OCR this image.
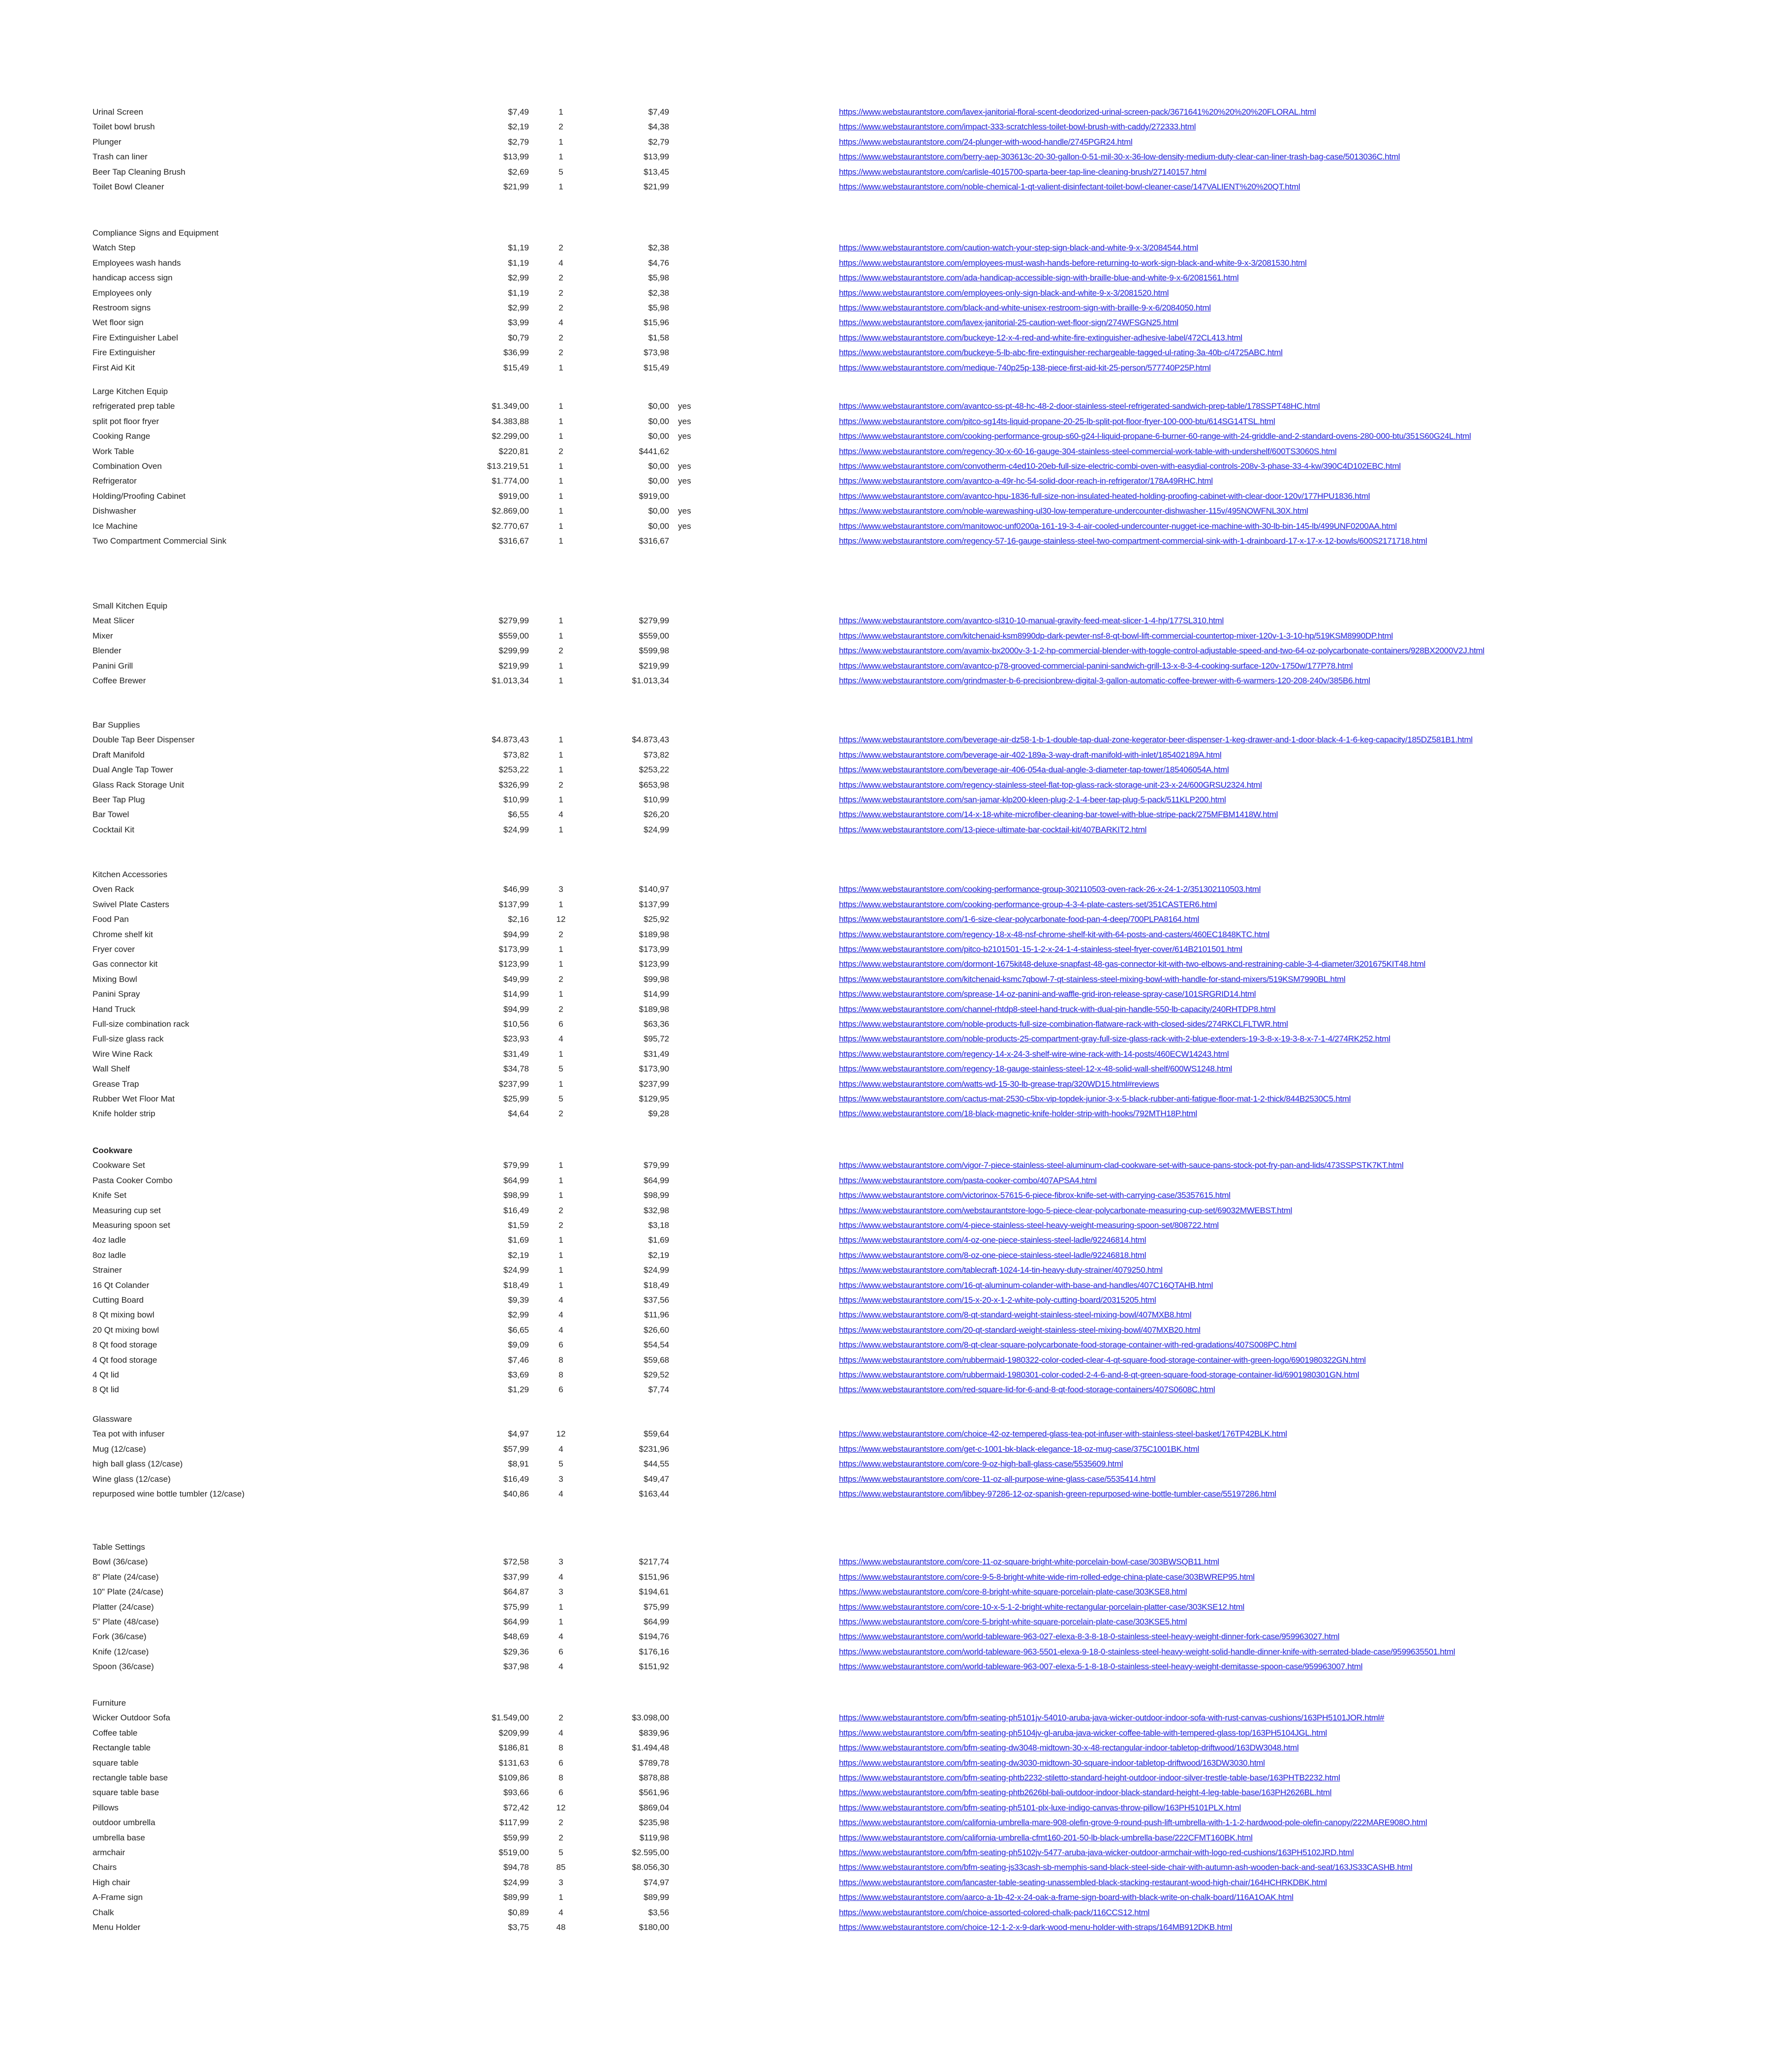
Urinal Screen	$7,49	1	$7,49	https://www.webstaurantstore.com/lavex-janitorial-floral-scent-deodorized-urinal-screen-pack/3671641%20%20%20%20FLORAL.html
Toilet bowl brush	$2,19	2	$4,38	https://www.webstaurantstore.com/impact-333-scratchless-toilet-bowl-brush-with-caddy/272333.html
Plunger	$2,79	1	$2,79	https://www.webstaurantstore.com/24-plunger-with-wood-handle/2745PGR24.html
Trash can liner	$13,99	1	$13,99	https://www.webstaurantstore.com/berry-aep-303613c-20-30-gallon-0-51-mil-30-x-36-low-density-medium-duty-clear-can-liner-trash-bag-case/5013036C.html
Beer Tap Cleaning Brush	$2,69	5	$13,45	https://www.webstaurantstore.com/carlisle-4015700-sparta-beer-tap-line-cleaning-brush/27140157.html
Toilet Bowl Cleaner	$21,99	1	$21,99	https://www.webstaurantstore.com/noble-chemical-1-qt-valient-disinfectant-toilet-bowl-cleaner-case/147VALIENT%20%20QT.html
Compliance Signs and Equipment
Watch Step	$1,19	2	$2,38	https://www.webstaurantstore.com/caution-watch-your-step-sign-black-and-white-9-x-3/2084544.html
Employees wash hands	$1,19	4	$4,76	https://www.webstaurantstore.com/employees-must-wash-hands-before-returning-to-work-sign-black-and-white-9-x-3/2081530.html
handicap access sign	$2,99	2	$5,98	https://www.webstaurantstore.com/ada-handicap-accessible-sign-with-braille-blue-and-white-9-x-6/2081561.html
Employees only	$1,19	2	$2,38	https://www.webstaurantstore.com/employees-only-sign-black-and-white-9-x-3/2081520.html
Restroom signs	$2,99	2	$5,98	https://www.webstaurantstore.com/black-and-white-unisex-restroom-sign-with-braille-9-x-6/2084050.html
Wet floor sign	$3,99	4	$15,96	https://www.webstaurantstore.com/lavex-janitorial-25-caution-wet-floor-sign/274WFSGN25.html
Fire Extinguisher Label	$0,79	2	$1,58	https://www.webstaurantstore.com/buckeye-12-x-4-red-and-white-fire-extinguisher-adhesive-label/472CL413.html
Fire Extinguisher	$36,99	2	$73,98	https://www.webstaurantstore.com/buckeye-5-lb-abc-fire-extinguisher-rechargeable-tagged-ul-rating-3a-40b-c/4725ABC.html
First Aid Kit	$15,49	1	$15,49	https://www.webstaurantstore.com/medique-740p25p-138-piece-first-aid-kit-25-person/577740P25P.html
Large Kitchen Equip
refrigerated prep table	$1.349,00	1	$0,00 yes	https://www.webstaurantstore.com/avantco-ss-pt-48-hc-48-2-door-stainless-steel-refrigerated-sandwich-prep-table/178SSPT48HC.html
split pot floor fryer	$4.383,88	1	$0,00 yes	https://www.webstaurantstore.com/pitco-sg14ts-liquid-propane-20-25-lb-split-pot-floor-fryer-100-000-btu/614SG14TSL.html
Cooking Range	$2.299,00	1	$0,00 yes	https://www.webstaurantstore.com/cooking-performance-group-s60-g24-l-liquid-propane-6-burner-60-range-with-24-griddle-and-2-standard-ovens-280-000-btu/351S60G24L.html
Work Table	$220,81	2	$441,62	https://www.webstaurantstore.com/regency-30-x-60-16-gauge-304-stainless-steel-commercial-work-table-with-undershelf/600TS3060S.html
Combination Oven	$13.219,51	1	$0,00 yes	https://www.webstaurantstore.com/convotherm-c4ed10-20eb-full-size-electric-combi-oven-with-easydial-controls-208v-3-phase-33-4-kw/390C4D102EBC.html
Refrigerator	$1.774,00	1	$0,00 yes	https://www.webstaurantstore.com/avantco-a-49r-hc-54-solid-door-reach-in-refrigerator/178A49RHC.html
Holding/Proofing Cabinet	$919,00	1	$919,00	https://www.webstaurantstore.com/avantco-hpu-1836-full-size-non-insulated-heated-holding-proofing-cabinet-with-clear-door-120v/177HPU1836.html
Dishwasher	$2.869,00	1	$0,00 yes	https://www.webstaurantstore.com/noble-warewashing-ul30-low-temperature-undercounter-dishwasher-115v/495NOWFNL30X.html
Ice Machine	$2.770,67	1	$0,00 yes	https://www.webstaurantstore.com/manitowoc-unf0200a-161-19-3-4-air-cooled-undercounter-nugget-ice-machine-with-30-lb-bin-145-lb/499UNF0200AA.html
Two Compartment Commercial Sink	$316,67	1	$316,67	https://www.webstaurantstore.com/regency-57-16-gauge-stainless-steel-two-compartment-commercial-sink-with-1-drainboard-17-x-17-x-12-bowls/600S2171718.html
Small Kitchen Equip
Meat Slicer	$279,99	1	$279,99	https://www.webstaurantstore.com/avantco-sl310-10-manual-gravity-feed-meat-slicer-1-4-hp/177SL310.html
Mixer	$559,00	1	$559,00	https://www.webstaurantstore.com/kitchenaid-ksm8990dp-dark-pewter-nsf-8-qt-bowl-lift-commercial-countertop-mixer-120v-1-3-10-hp/519KSM8990DP.html
Blender	$299,99	2	$599,98	https://www.webstaurantstore.com/avamix-bx2000v-3-1-2-hp-commercial-blender-with-toggle-control-adjustable-speed-and-two-64-oz-polycarbonate-containers/928BX2000V2J.html
Panini Grill	$219,99	1	$219,99	https://www.webstaurantstore.com/avantco-p78-grooved-commercial-panini-sandwich-grill-13-x-8-3-4-cooking-surface-120v-1750w/177P78.html
Coffee Brewer	$1.013,34	1	$1.013,34	https://www.webstaurantstore.com/grindmaster-b-6-precisionbrew-digital-3-gallon-automatic-coffee-brewer-with-6-warmers-120-208-240v/385B6.html
Bar Supplies
Double Tap Beer Dispenser	$4.873,43	1	$4.873,43	https://www.webstaurantstore.com/beverage-air-dz58-1-b-1-double-tap-dual-zone-kegerator-beer-dispenser-1-keg-drawer-and-1-door-black-4-1-6-keg-capacity/185DZ581B1.html
Draft Manifold	$73,82	1	$73,82	https://www.webstaurantstore.com/beverage-air-402-189a-3-way-draft-manifold-with-inlet/185402189A.html
Dual Angle Tap Tower	$253,22	1	$253,22	https://www.webstaurantstore.com/beverage-air-406-054a-dual-angle-3-diameter-tap-tower/185406054A.html
Glass Rack Storage Unit	$326,99	2	$653,98	https://www.webstaurantstore.com/regency-stainless-steel-flat-top-glass-rack-storage-unit-23-x-24/600GRSU2324.html
Beer Tap Plug	$10,99	1	$10,99	https://www.webstaurantstore.com/san-jamar-klp200-kleen-plug-2-1-4-beer-tap-plug-5-pack/511KLP200.html
Bar Towel	$6,55	4	$26,20	https://www.webstaurantstore.com/14-x-18-white-microfiber-cleaning-bar-towel-with-blue-stripe-pack/275MFBM1418W.html
Cocktail Kit	$24,99	1	$24,99	https://www.webstaurantstore.com/13-piece-ultimate-bar-cocktail-kit/407BARKIT2.html
Kitchen Accessories
Oven Rack	$46,99	3	$140,97	https://www.webstaurantstore.com/cooking-performance-group-302110503-oven-rack-26-x-24-1-2/351302110503.html
Swivel Plate Casters	$137,99	1	$137,99	https://www.webstaurantstore.com/cooking-performance-group-4-3-4-plate-casters-set/351CASTER6.html
Food Pan	$2,16	12	$25,92	https://www.webstaurantstore.com/1-6-size-clear-polycarbonate-food-pan-4-deep/700PLPA8164.html
Chrome shelf kit	$94,99	2	$189,98	https://www.webstaurantstore.com/regency-18-x-48-nsf-chrome-shelf-kit-with-64-posts-and-casters/460EC1848KTC.html
Fryer cover	$173,99	1	$173,99	https://www.webstaurantstore.com/pitco-b2101501-15-1-2-x-24-1-4-stainless-steel-fryer-cover/614B2101501.html
Gas connector kit	$123,99	1	$123,99	https://www.webstaurantstore.com/dormont-1675kit48-deluxe-snapfast-48-gas-connector-kit-with-two-elbows-and-restraining-cable-3-4-diameter/3201675KIT48.html
Mixing Bowl	$49,99	2	$99,98	https://www.webstaurantstore.com/kitchenaid-ksmc7qbowl-7-qt-stainless-steel-mixing-bowl-with-handle-for-stand-mixers/519KSM7990BL.html
Panini Spray	$14,99	1	$14,99	https://www.webstaurantstore.com/sprease-14-oz-panini-and-waffle-grid-iron-release-spray-case/101SRGRID14.html
Hand Truck	$94,99	2	$189,98	https://www.webstaurantstore.com/channel-rhtdp8-steel-hand-truck-with-dual-pin-handle-550-lb-capacity/240RHTDP8.html
Full-size combination rack	$10,56	6	$63,36	https://www.webstaurantstore.com/noble-products-full-size-combination-flatware-rack-with-closed-sides/274RKCLFLTWR.html
Full-size glass rack	$23,93	4	$95,72	https://www.webstaurantstore.com/noble-products-25-compartment-gray-full-size-glass-rack-with-2-blue-extenders-19-3-8-x-19-3-8-x-7-1-4/274RK252.html
Wire Wine Rack	$31,49	1	$31,49	https://www.webstaurantstore.com/regency-14-x-24-3-shelf-wire-wine-rack-with-14-posts/460ECW14243.html
Wall Shelf	$34,78	5	$173,90	https://www.webstaurantstore.com/regency-18-gauge-stainless-steel-12-x-48-solid-wall-shelf/600WS1248.html
Grease Trap	$237,99	1	$237,99	https://www.webstaurantstore.com/watts-wd-15-30-lb-grease-trap/320WD15.html#reviews
Rubber Wet Floor Mat	$25,99	5	$129,95	https://www.webstaurantstore.com/cactus-mat-2530-c5bx-vip-topdek-junior-3-x-5-black-rubber-anti-fatigue-floor-mat-1-2-thick/844B2530C5.html
Knife holder strip	$4,64	2	$9,28	https://www.webstaurantstore.com/18-black-magnetic-knife-holder-strip-with-hooks/792MTH18P.html
Cookware
Cookware Set	$79,99	1	$79,99	https://www.webstaurantstore.com/vigor-7-piece-stainless-steel-aluminum-clad-cookware-set-with-sauce-pans-stock-pot-fry-pan-and-lids/473SSPSTK7KT.html
Pasta Cooker Combo	$64,99	1	$64,99	https://www.webstaurantstore.com/pasta-cooker-combo/407APSA4.html
Knife Set	$98,99	1	$98,99	https://www.webstaurantstore.com/victorinox-57615-6-piece-fibrox-knife-set-with-carrying-case/35357615.html
Measuring cup set	$16,49	2	$32,98	https://www.webstaurantstore.com/webstaurantstore-logo-5-piece-clear-polycarbonate-measuring-cup-set/69032MWEBST.html
Measuring spoon set	$1,59	2	$3,18	https://www.webstaurantstore.com/4-piece-stainless-steel-heavy-weight-measuring-spoon-set/808722.html
4oz ladle	$1,69	1	$1,69	https://www.webstaurantstore.com/4-oz-one-piece-stainless-steel-ladle/92246814.html
8oz ladle	$2,19	1	$2,19	https://www.webstaurantstore.com/8-oz-one-piece-stainless-steel-ladle/92246818.html
Strainer	$24,99	1	$24,99	https://www.webstaurantstore.com/tablecraft-1024-14-tin-heavy-duty-strainer/4079250.html
16 Qt Colander	$18,49	1	$18,49	https://www.webstaurantstore.com/16-qt-aluminum-colander-with-base-and-handles/407C16QTAHB.html
Cutting Board	$9,39	4	$37,56	https://www.webstaurantstore.com/15-x-20-x-1-2-white-poly-cutting-board/20315205.html
8 Qt mixing bowl	$2,99	4	$11,96	https://www.webstaurantstore.com/8-qt-standard-weight-stainless-steel-mixing-bowl/407MXB8.html
20 Qt mixing bowl	$6,65	4	$26,60	https://www.webstaurantstore.com/20-qt-standard-weight-stainless-steel-mixing-bowl/407MXB20.html
8 Qt food storage	$9,09	6	$54,54	https://www.webstaurantstore.com/8-qt-clear-square-polycarbonate-food-storage-container-with-red-gradations/407S008PC.html
4 Qt food storage	$7,46	8	$59,68	https://www.webstaurantstore.com/rubbermaid-1980322-color-coded-clear-4-qt-square-food-storage-container-with-green-logo/6901980322GN.html
4 Qt lid	$3,69	8	$29,52	https://www.webstaurantstore.com/rubbermaid-1980301-color-coded-2-4-6-and-8-qt-green-square-food-storage-container-lid/6901980301GN.html
8 Qt lid	$1,29	6	$7,74	https://www.webstaurantstore.com/red-square-lid-for-6-and-8-qt-food-storage-containers/407S0608C.html
Glassware
Tea pot with infuser	$4,97	12	$59,64	https://www.webstaurantstore.com/choice-42-oz-tempered-glass-tea-pot-infuser-with-stainless-steel-basket/176TP42BLK.html
Mug (12/case)	$57,99	4	$231,96	https://www.webstaurantstore.com/get-c-1001-bk-black-elegance-18-oz-mug-case/375C1001BK.html
high ball glass (12/case)	$8,91	5	$44,55	https://www.webstaurantstore.com/core-9-oz-high-ball-glass-case/5535609.html
Wine glass (12/case)	$16,49	3	$49,47	https://www.webstaurantstore.com/core-11-oz-all-purpose-wine-glass-case/5535414.html
repurposed wine bottle tumbler (12/case)	$40,86	4	$163,44	https://www.webstaurantstore.com/libbey-97286-12-oz-spanish-green-repurposed-wine-bottle-tumbler-case/55197286.html
Table Settings
Bowl (36/case)	$72,58	3	$217,74	https://www.webstaurantstore.com/core-11-oz-square-bright-white-porcelain-bowl-case/303BWSQB11.html
8" Plate (24/case)	$37,99	4	$151,96	https://www.webstaurantstore.com/core-9-5-8-bright-white-wide-rim-rolled-edge-china-plate-case/303BWREP95.html
10" Plate (24/case)	$64,87	3	$194,61	https://www.webstaurantstore.com/core-8-bright-white-square-porcelain-plate-case/303KSE8.html
Platter (24/case)	$75,99	1	$75,99	https://www.webstaurantstore.com/core-10-x-5-1-2-bright-white-rectangular-porcelain-platter-case/303KSE12.html
5" Plate (48/case)	$64,99	1	$64,99	https://www.webstaurantstore.com/core-5-bright-white-square-porcelain-plate-case/303KSE5.html
Fork (36/case)	$48,69	4	$194,76	https://www.webstaurantstore.com/world-tableware-963-027-elexa-8-3-8-18-0-stainless-steel-heavy-weight-dinner-fork-case/959963027.html
Knife (12/case)	$29,36	6	$176,16	https://www.webstaurantstore.com/world-tableware-963-5501-elexa-9-18-0-stainless-steel-heavy-weight-solid-handle-dinner-knife-with-serrated-blade-case/9599635501.html
Spoon (36/case)	$37,98	4	$151,92	https://www.webstaurantstore.com/world-tableware-963-007-elexa-5-1-8-18-0-stainless-steel-heavy-weight-demitasse-spoon-case/959963007.html
Furniture
Wicker Outdoor Sofa	$1.549,00	2	$3.098,00	https://www.webstaurantstore.com/bfm-seating-ph5101jv-54010-aruba-java-wicker-outdoor-indoor-sofa-with-rust-canvas-cushions/163PH5101JOR.html#
Coffee table	$209,99	4	$839,96	https://www.webstaurantstore.com/bfm-seating-ph5104jv-gl-aruba-java-wicker-coffee-table-with-tempered-glass-top/163PH5104JGL.html
Rectangle table	$186,81	8	$1.494,48	https://www.webstaurantstore.com/bfm-seating-dw3048-midtown-30-x-48-rectangular-indoor-tabletop-driftwood/163DW3048.html
square table	$131,63	6	$789,78	https://www.webstaurantstore.com/bfm-seating-dw3030-midtown-30-square-indoor-tabletop-driftwood/163DW3030.html
rectangle table base	$109,86	8	$878,88	https://www.webstaurantstore.com/bfm-seating-phtb2232-stiletto-standard-height-outdoor-indoor-silver-trestle-table-base/163PHTB2232.html
square table base	$93,66	6	$561,96	https://www.webstaurantstore.com/bfm-seating-phtb2626bl-bali-outdoor-indoor-black-standard-height-4-leg-table-base/163PH2626BL.html
Pillows	$72,42	12	$869,04	https://www.webstaurantstore.com/bfm-seating-ph5101-plx-luxe-indigo-canvas-throw-pillow/163PH5101PLX.html
outdoor umbrella	$117,99	2	$235,98	https://www.webstaurantstore.com/california-umbrella-mare-908-olefin-grove-9-round-push-lift-umbrella-with-1-1-2-hardwood-pole-olefin-canopy/222MARE908O.html
umbrella base	$59,99	2	$119,98	https://www.webstaurantstore.com/california-umbrella-cfmt160-201-50-lb-black-umbrella-base/222CFMT160BK.html
armchair	$519,00	5	$2.595,00	https://www.webstaurantstore.com/bfm-seating-ph5102jv-5477-aruba-java-wicker-outdoor-armchair-with-logo-red-cushions/163PH5102JRD.html
Chairs	$94,78	85	$8.056,30	https://www.webstaurantstore.com/bfm-seating-js33cash-sb-memphis-sand-black-steel-side-chair-with-autumn-ash-wooden-back-and-seat/163JS33CASHB.html
High chair	$24,99	3	$74,97	https://www.webstaurantstore.com/lancaster-table-seating-unassembled-black-stacking-restaurant-wood-high-chair/164HCHRKDBK.html
A-Frame sign	$89,99	1	$89,99	https://www.webstaurantstore.com/aarco-a-1b-42-x-24-oak-a-frame-sign-board-with-black-write-on-chalk-board/116A1OAK.html
Chalk	$0,89	4	$3,56	https://www.webstaurantstore.com/choice-assorted-colored-chalk-pack/116CCS12.html
Menu Holder	$3,75	48	$180,00	https://www.webstaurantstore.com/choice-12-1-2-x-9-dark-wood-menu-holder-with-straps/164MB912DKB.html
